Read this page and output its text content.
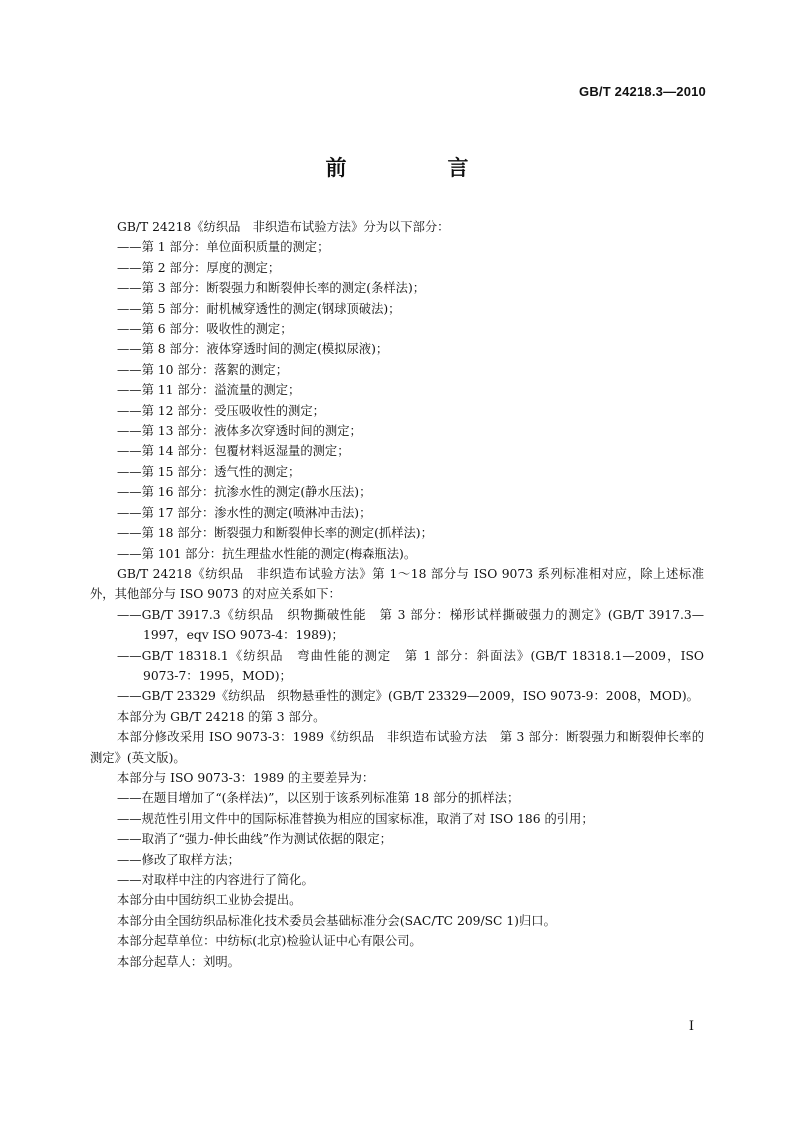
GB/T 24218.3—2010
前　言

GB/T 24218《纺织品　非织造布试验方法》分为以下部分：

——第 1 部分：单位面积质量的测定；

——第 2 部分：厚度的测定；

——第 3 部分：断裂强力和断裂伸长率的测定(条样法)；

——第 5 部分：耐机械穿透性的测定(钢球顶破法)；

——第 6 部分：吸收性的测定；

——第 8 部分：液体穿透时间的测定(模拟尿液)；

——第 10 部分：落絮的测定；

——第 11 部分：溢流量的测定；

——第 12 部分：受压吸收性的测定；

——第 13 部分：液体多次穿透时间的测定；

——第 14 部分：包覆材料返湿量的测定；

——第 15 部分：透气性的测定；

——第 16 部分：抗渗水性的测定(静水压法)；

——第 17 部分：渗水性的测定(喷淋冲击法)；

——第 18 部分：断裂强力和断裂伸长率的测定(抓样法)；

——第 101 部分：抗生理盐水性能的测定(梅森瓶法)。

GB/T 24218《纺织品　非织造布试验方法》第 1～18 部分与 ISO 9073 系列标准相对应，除上述标准外，其他部分与 ISO 9073 的对应关系如下：

——GB/T 3917.3《纺织品　织物撕破性能　第 3 部分：梯形试样撕破强力的测定》(GB/T 3917.3—1997，eqv ISO 9073-4：1989)；

——GB/T 18318.1《纺织品　弯曲性能的测定　第 1 部分：斜面法》(GB/T 18318.1—2009，ISO 9073-7：1995，MOD)；

——GB/T 23329《纺织品　织物悬垂性的测定》(GB/T 23329—2009，ISO 9073-9：2008，MOD)。

本部分为 GB/T 24218 的第 3 部分。

本部分修改采用 ISO 9073-3：1989《纺织品　非织造布试验方法　第 3 部分：断裂强力和断裂伸长率的测定》(英文版)。

本部分与 ISO 9073-3：1989 的主要差异为：

——在题目增加了“(条样法)”，以区别于该系列标准第 18 部分的抓样法；

——规范性引用文件中的国际标准替换为相应的国家标准，取消了对 ISO 186 的引用；

——取消了“强力-伸长曲线”作为测试依据的限定；

——修改了取样方法；

——对取样中注的内容进行了简化。

本部分由中国纺织工业协会提出。

本部分由全国纺织品标准化技术委员会基础标准分会(SAC/TC 209/SC 1)归口。

本部分起草单位：中纺标(北京)检验认证中心有限公司。

本部分起草人：刘明。

I
